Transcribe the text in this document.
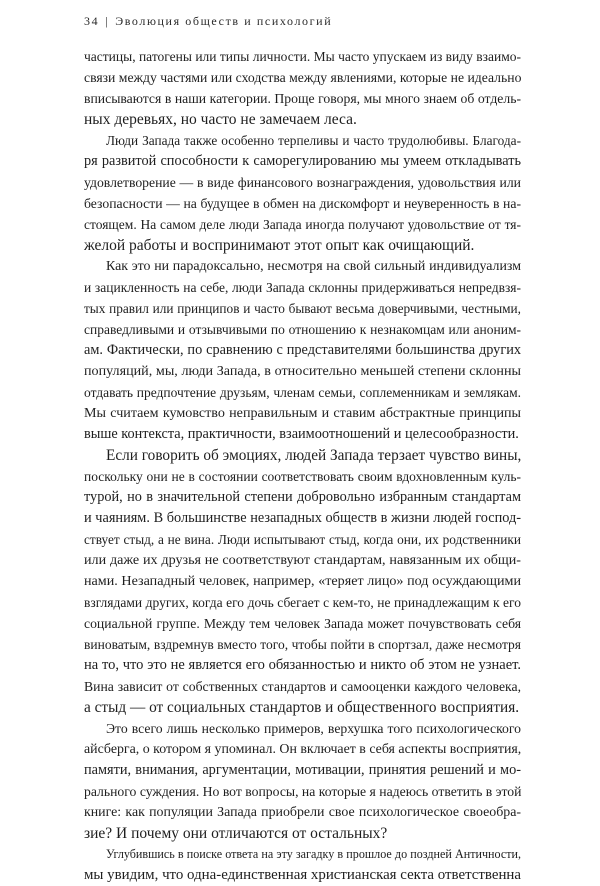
34 | Эволюция обществ и психологий
частицы, патогены или типы личности. Мы часто упускаем из виду взаимо-
связи между частями или сходства между явлениями, которые не идеально
вписываются в наши категории. Проще говоря, мы много знаем об отдель-
ных деревьях, но часто не замечаем леса.
Люди Запада также особенно терпеливы и часто трудолюбивы. Благода-
ря развитой способности к саморегулированию мы умеем откладывать
удовлетворение — в виде финансового вознаграждения, удовольствия или
безопасности — на будущее в обмен на дискомфорт и неуверенность в на-
стоящем. На самом деле люди Запада иногда получают удовольствие от тя-
желой работы и воспринимают этот опыт как очищающий.
Как это ни парадоксально, несмотря на свой сильный индивидуализм
и зацикленность на себе, люди Запада склонны придерживаться непредвзя-
тых правил или принципов и часто бывают весьма доверчивыми, честными,
справедливыми и отзывчивыми по отношению к незнакомцам или аноним-
ам. Фактически, по сравнению с представителями большинства других
популяций, мы, люди Запада, в относительно меньшей степени склонны
отдавать предпочтение друзьям, членам семьи, соплеменникам и землякам.
Мы считаем кумовство неправильным и ставим абстрактные принципы
выше контекста, практичности, взаимоотношений и целесообразности.
Если говорить об эмоциях, людей Запада терзает чувство вины,
поскольку они не в состоянии соответствовать своим вдохновленным куль-
турой, но в значительной степени добровольно избранным стандартам
и чаяниям. В большинстве незападных обществ в жизни людей господ-
ствует стыд, а не вина. Люди испытывают стыд, когда они, их родственники
или даже их друзья не соответствуют стандартам, навязанным их общи-
нами. Незападный человек, например, «теряет лицо» под осуждающими
взглядами других, когда его дочь сбегает с кем-то, не принадлежащим к его
социальной группе. Между тем человек Запада может почувствовать себя
виноватым, вздремнув вместо того, чтобы пойти в спортзал, даже несмотря
на то, что это не является его обязанностью и никто об этом не узнает.
Вина зависит от собственных стандартов и самооценки каждого человека,
а стыд — от социальных стандартов и общественного восприятия.
Это всего лишь несколько примеров, верхушка того психологического
айсберга, о котором я упоминал. Он включает в себя аспекты восприятия,
памяти, внимания, аргументации, мотивации, принятия решений и мо-
рального суждения. Но вот вопросы, на которые я надеюсь ответить в этой
книге: как популяции Запада приобрели свое психологическое своеобра-
зие? И почему они отличаются от остальных?
Углубившись в поиске ответа на эту загадку в прошлое до поздней Античности,
мы увидим, что одна-единственная христианская секта ответственна
